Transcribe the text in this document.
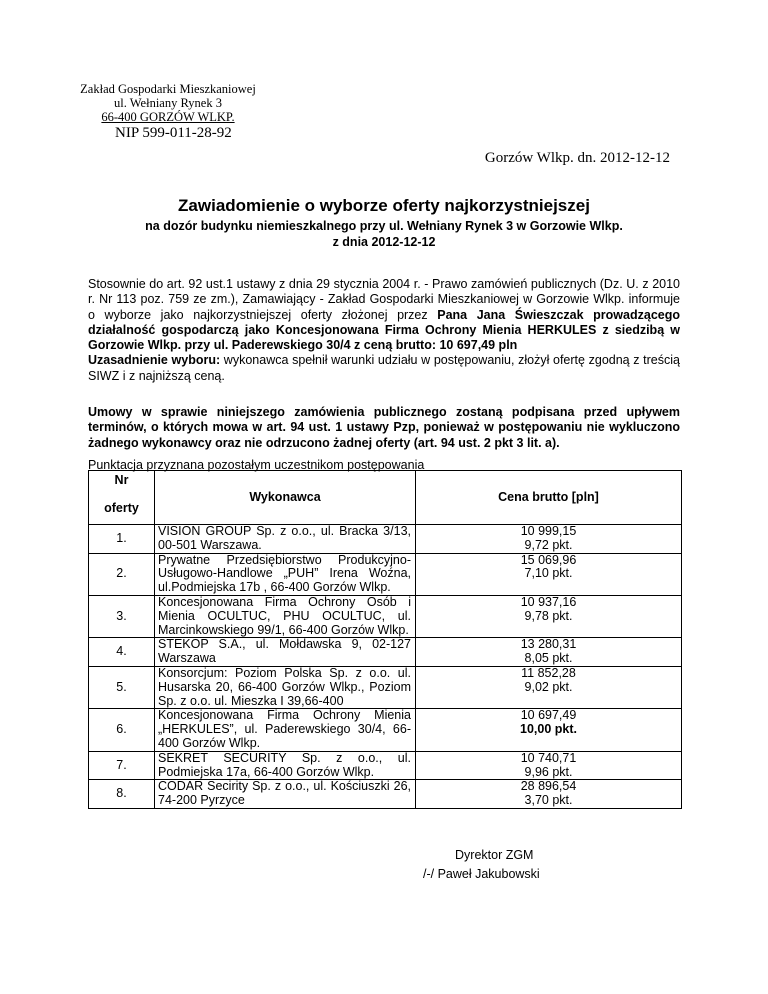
Zakład Gospodarki Mieszkaniowej
ul. Wełniany Rynek 3
66-400 GORZÓW WLKP.
NIP 599-011-28-92
Gorzów Wlkp. dn. 2012-12-12
Zawiadomienie o wyborze oferty najkorzystniejszej
na dozór budynku niemieszkalnego przy ul. Wełniany Rynek 3 w Gorzowie Wlkp.
z dnia 2012-12-12
Stosownie do art. 92 ust.1 ustawy z dnia 29 stycznia 2004 r. - Prawo zamówień publicznych (Dz. U. z 2010 r. Nr 113 poz. 759 ze zm.), Zamawiający - Zakład Gospodarki Mieszkaniowej w Gorzowie Wlkp. informuje o wyborze jako najkorzystniejszej oferty złożonej przez Pana Jana Świeszczak prowadzącego działalność gospodarczą jako Koncesjonowana Firma Ochrony Mienia HERKULES z siedzibą w Gorzowie Wlkp. przy ul. Paderewskiego 30/4 z ceną brutto: 10 697,49 pln
Uzasadnienie wyboru: wykonawca spełnił warunki udziału w postępowaniu, złożył ofertę zgodną z treścią SIWZ i z najniższą ceną.
Umowy w sprawie niniejszego zamówienia publicznego zostaną podpisana przed upływem terminów, o których mowa w art. 94 ust. 1 ustawy Pzp, ponieważ w postępowaniu nie wykluczono żadnego wykonawcy oraz nie odrzucono żadnej oferty (art. 94 ust. 2 pkt 3 lit. a).
Punktacja przyznana pozostałym uczestnikom postępowania
Nr
oferty	Wykonawca	Cena brutto [pln]
1.	VISION GROUP Sp. z o.o., ul. Bracka 3/13, 00-501 Warszawa.	10 999,15
9,72 pkt.

2.	Prywatne Przedsiębiorstwo Produkcyjno-Usługowo-Handlowe „PUH” Irena Woźna, ul.Podmiejska 17b , 66-400 Gorzów Wlkp.	15 069,96
7,10 pkt.

3.	Koncesjonowana Firma Ochrony Osób i Mienia OCULTUC, PHU OCULTUC, ul. Marcinkowskiego 99/1, 66-400 Gorzów Wlkp.	10 937,16
9,78 pkt.

4.	STEKOP S.A., ul. Mołdawska 9, 02-127 Warszawa	13 280,31
8,05 pkt.

5.	Konsorcjum: Poziom Polska Sp. z o.o. ul. Husarska 20, 66-400 Gorzów Wlkp., Poziom Sp. z o.o. ul. Mieszka I 39,66-400	11 852,28
9,02 pkt.

6.	Koncesjonowana Firma Ochrony Mienia „HERKULES”, ul. Paderewskiego 30/4, 66-400 Gorzów Wlkp.	10 697,49
10,00 pkt.

7.	SEKRET SECURITY Sp. z o.o., ul. Podmiejska 17a, 66-400 Gorzów Wlkp.	10 740,71
9,96 pkt.

8.	CODAR Secirity Sp. z o.o., ul. Kościuszki 26, 74-200 Pyrzyce	28 896,54
3,70 pkt.
Dyrektor ZGM
/-/ Paweł Jakubowski
